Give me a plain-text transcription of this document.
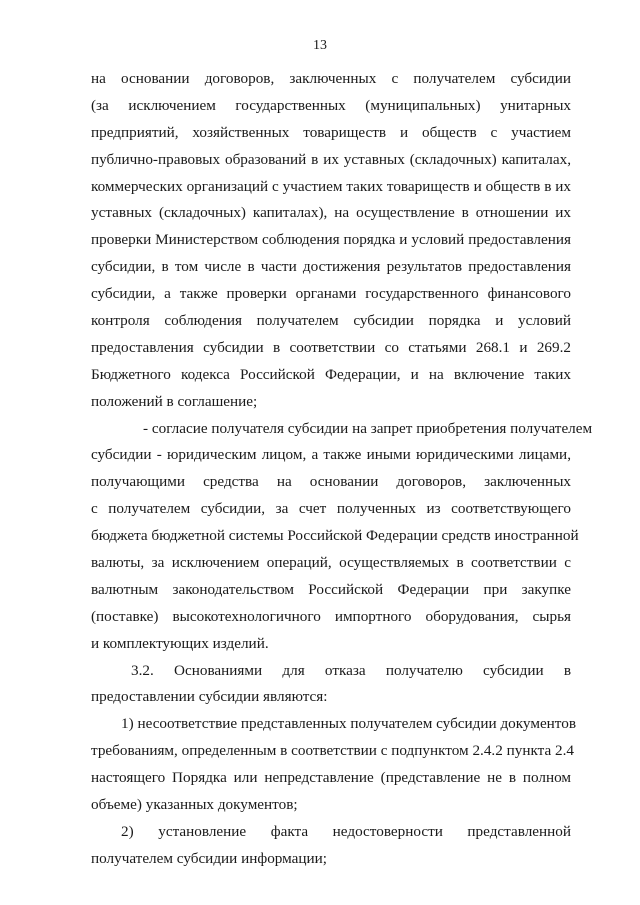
13
на основании договоров, заключенных с получателем субсидии
(за исключением государственных (муниципальных) унитарных
предприятий, хозяйственных товариществ и обществ с участием
публично-правовых образований в их уставных (складочных) капиталах,
коммерческих организаций с участием таких товариществ и обществ в их
уставных (складочных) капиталах), на осуществление в отношении их
проверки Министерством соблюдения порядка и условий предоставления
субсидии, в том числе в части достижения результатов предоставления
субсидии, а также проверки органами государственного финансового
контроля соблюдения получателем субсидии порядка и условий
предоставления субсидии в соответствии со статьями 268.1 и 269.2
Бюджетного кодекса Российской Федерации, и на включение таких
положений в соглашение;
- согласие получателя субсидии на запрет приобретения получателем
субсидии - юридическим лицом, а также иными юридическими лицами,
получающими средства на основании договоров, заключенных
с получателем субсидии, за счет полученных из соответствующего
бюджета бюджетной системы Российской Федерации средств иностранной
валюты, за исключением операций, осуществляемых в соответствии с
валютным законодательством Российской Федерации при закупке
(поставке) высокотехнологичного импортного оборудования, сырья
и комплектующих изделий.
3.2. Основаниями для отказа получателю субсидии в
предоставлении субсидии являются:
1) несоответствие представленных получателем субсидии документов
требованиям, определенным в соответствии с подпунктом 2.4.2 пункта 2.4
настоящего Порядка или непредставление (представление не в полном
объеме) указанных документов;
2) установление факта недостоверности представленной
получателем субсидии информации;
